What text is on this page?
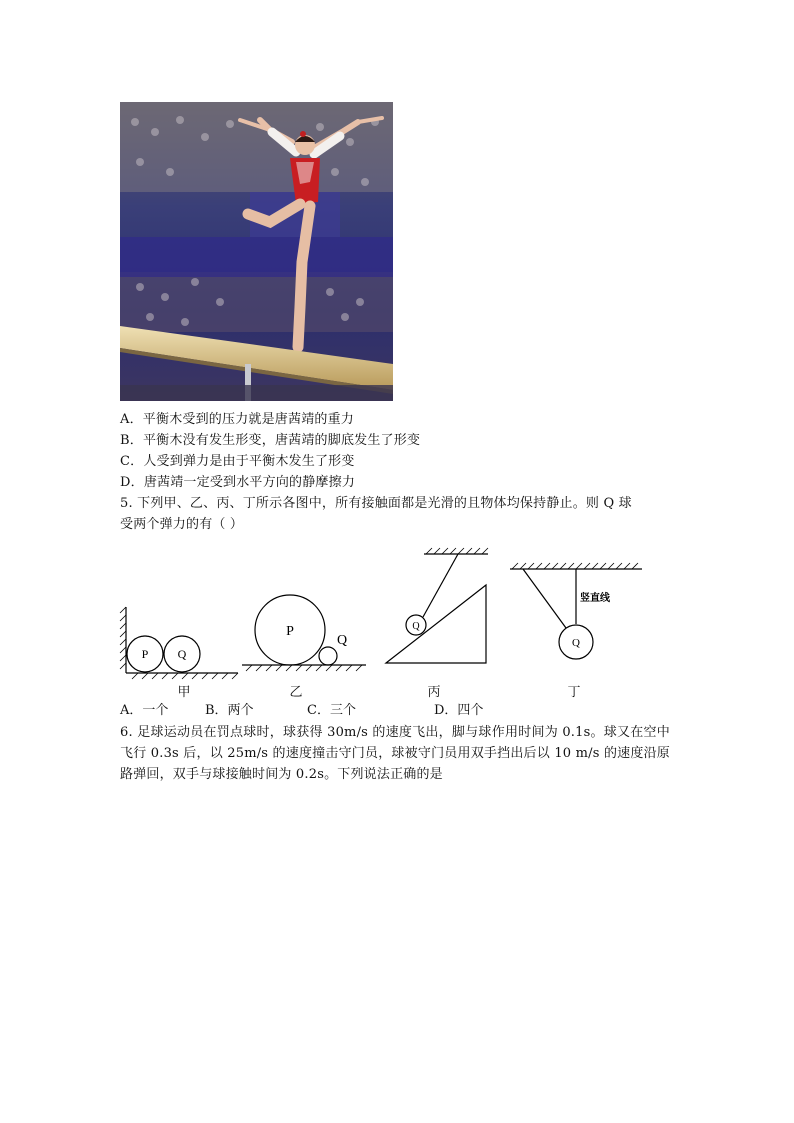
A．平衡木受到的压力就是唐茜靖的重力
B．平衡木没有发生形变，唐茜靖的脚底发生了形变
C．人受到弹力是由于平衡木发生了形变
D．唐茜靖一定受到水平方向的静摩擦力
5. 下列甲、乙、丙、丁所示各图中，所有接触面都是光滑的且物体均保持静止。则 Q 球
受两个弹力的有（ ）
P Q
P
Q
Q
Q
竖直线
甲	乙	丙	丁
A．一个	B．两个	C．三个	D．四个
6. 足球运动员在罚点球时，球获得 30m/s 的速度飞出，脚与球作用时间为 0.1s。球又在空中飞行 0.3s 后，以 25m/s 的速度撞击守门员，球被守门员用双手挡出后以 10 m/s 的速度沿原路弹回，双手与球接触时间为 0.2s。下列说法正确的是
